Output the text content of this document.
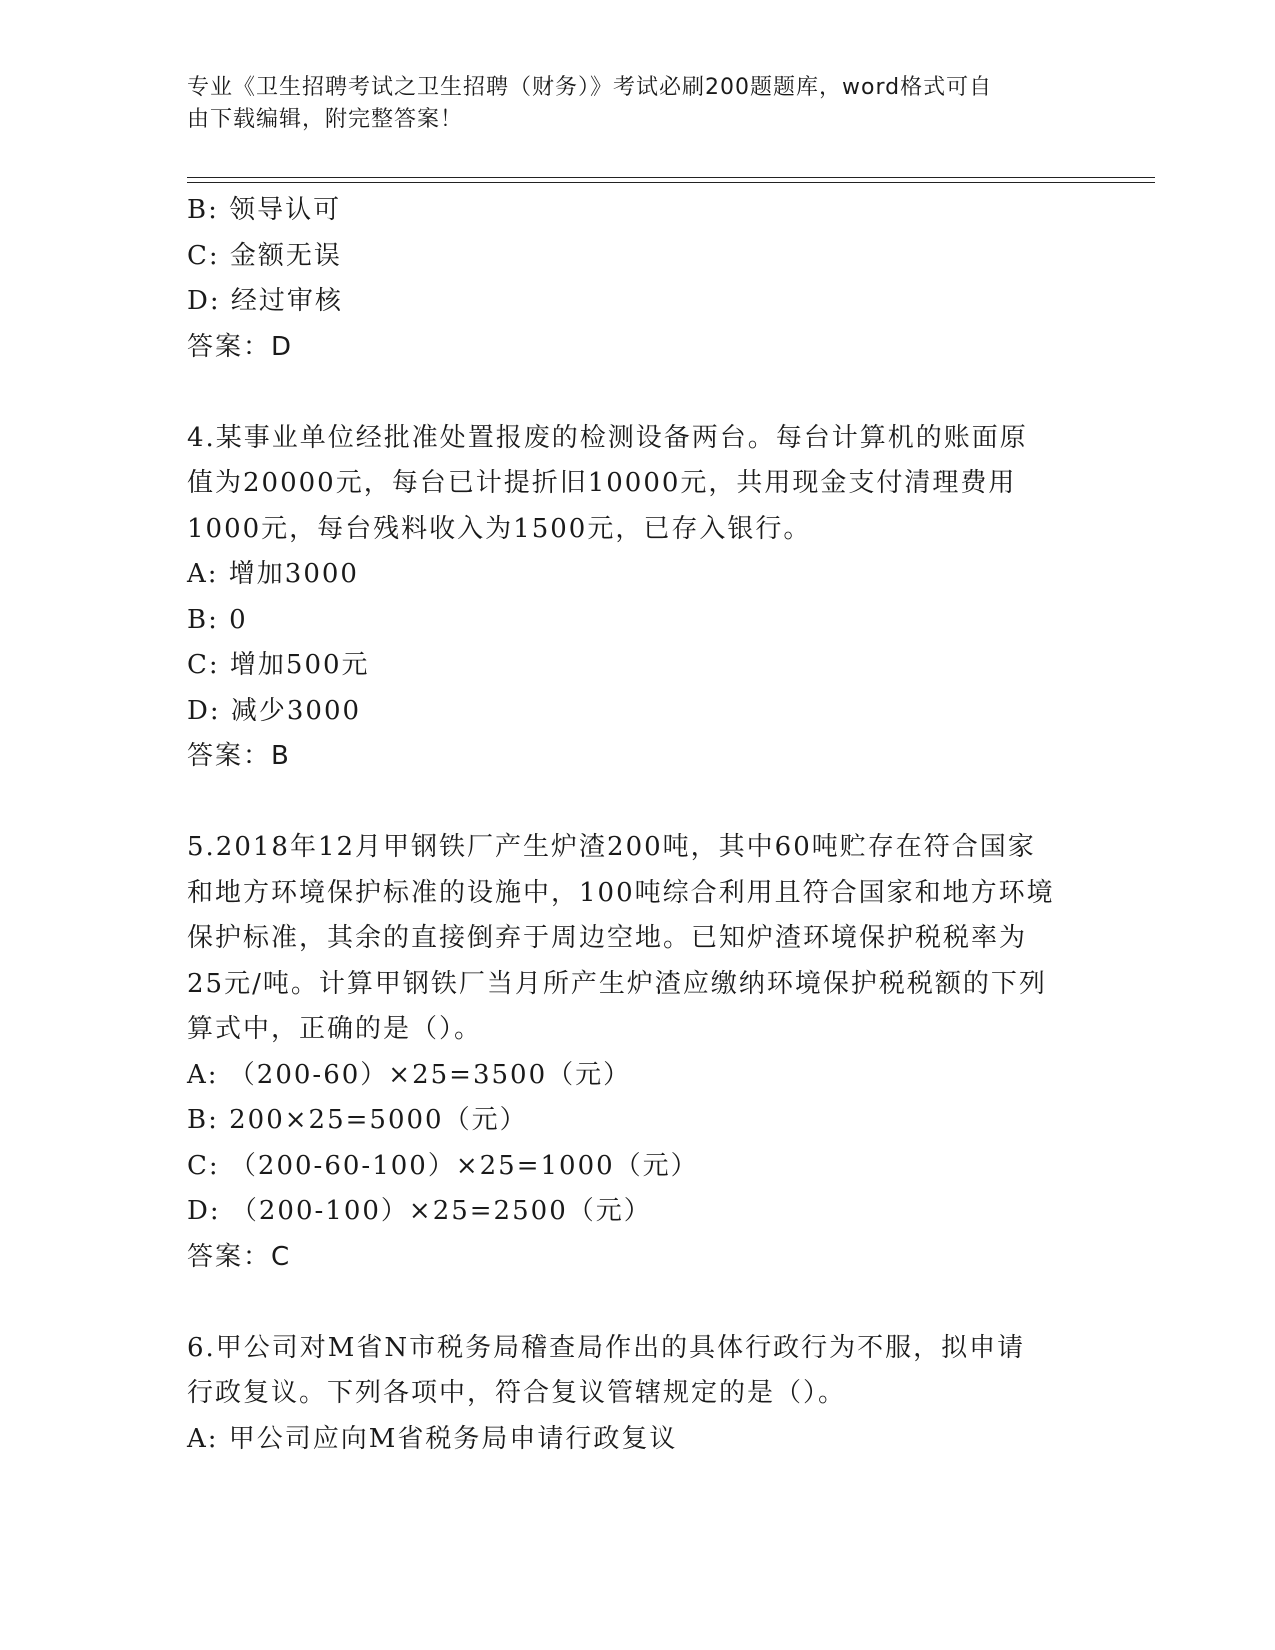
专业《卫生招聘考试之卫生招聘（财务）》考试必刷200题题库，word格式可自
由下载编辑，附完整答案！
B: 领导认可
C: 金额无误
D: 经过审核
答案：D
4.某事业单位经批准处置报废的检测设备两台。每台计算机的账面原
值为20000元，每台已计提折旧10000元，共用现金支付清理费用
1000元，每台残料收入为1500元，已存入银行。
A: 增加3000
B: 0
C: 增加500元
D: 减少3000
答案：B
5.2018年12月甲钢铁厂产生炉渣200吨，其中60吨贮存在符合国家
和地方环境保护标准的设施中，100吨综合利用且符合国家和地方环境
保护标准，其余的直接倒弃于周边空地。已知炉渣环境保护税税率为
25元/吨。计算甲钢铁厂当月所产生炉渣应缴纳环境保护税税额的下列
算式中，正确的是（）。
A: （200-60）×25=3500（元）
B: 200×25=5000（元）
C: （200-60-100）×25=1000（元）
D: （200-100）×25=2500（元）
答案：C
6.甲公司对M省N市税务局稽查局作出的具体行政行为不服，拟申请
行政复议。下列各项中，符合复议管辖规定的是（）。
A: 甲公司应向M省税务局申请行政复议
